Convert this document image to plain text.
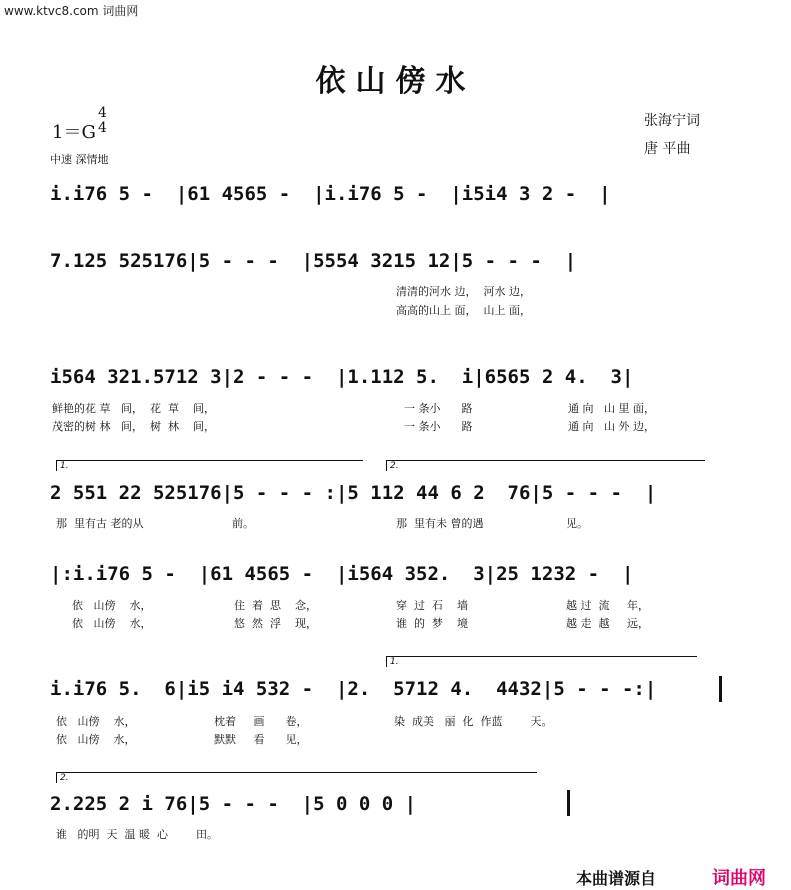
www.ktvc8.com 词曲网
依山傍水
1＝G
4
4
中速 深情地
张海宁词
唐 平曲
i.i76 5 -  |61 4565 -  |i.i76 5 -  |i5i4 3 2 -  |
7.125 525176|5 - - -  |5554 3215 12|5 - - -  |
清清的河水 边，  河水 边，
高高的山上 面，  山上 面，
i564 321.5712 3|2 - - -  |1.112 5.  i|6565 2 4.  3|
鲜艳的花 草   间，  花  草    间，	一 条小      路	通 向   山 里 面，
茂密的树 林   间，  树  林    间，	一 条小      路	通 向   山 外 边，
1.	2.
2 551 22 525176|5 - - - :|5 112 44 6 2  76|5 - - -  |
那  里有古 老的从	前。	那  里有未 曾的遇	见。
|:i.i76 5 -  |61 4565 -  |i564 352.  3|25 1232 -  |
依   山傍    水，	住  着  思    念，	穿  过  石    墙	越 过  流     年，
依   山傍    水，	悠  然  浮    现，	谁  的  梦    境	越 走  越     远，
1.
i.i76 5.  6|i5 i4 532 -  |2.  5712 4.  4432|5 - - -:|
依   山傍    水，	枕着     画      卷，	染  成美   丽  化  作蓝        天。
依   山傍    水，	默默     看      见，
2.
2.225 2 i 76|5 - - -  |5 0 0 0 |
谁   的明  天  温 暖  心        田。
本曲谱源自	词曲网
